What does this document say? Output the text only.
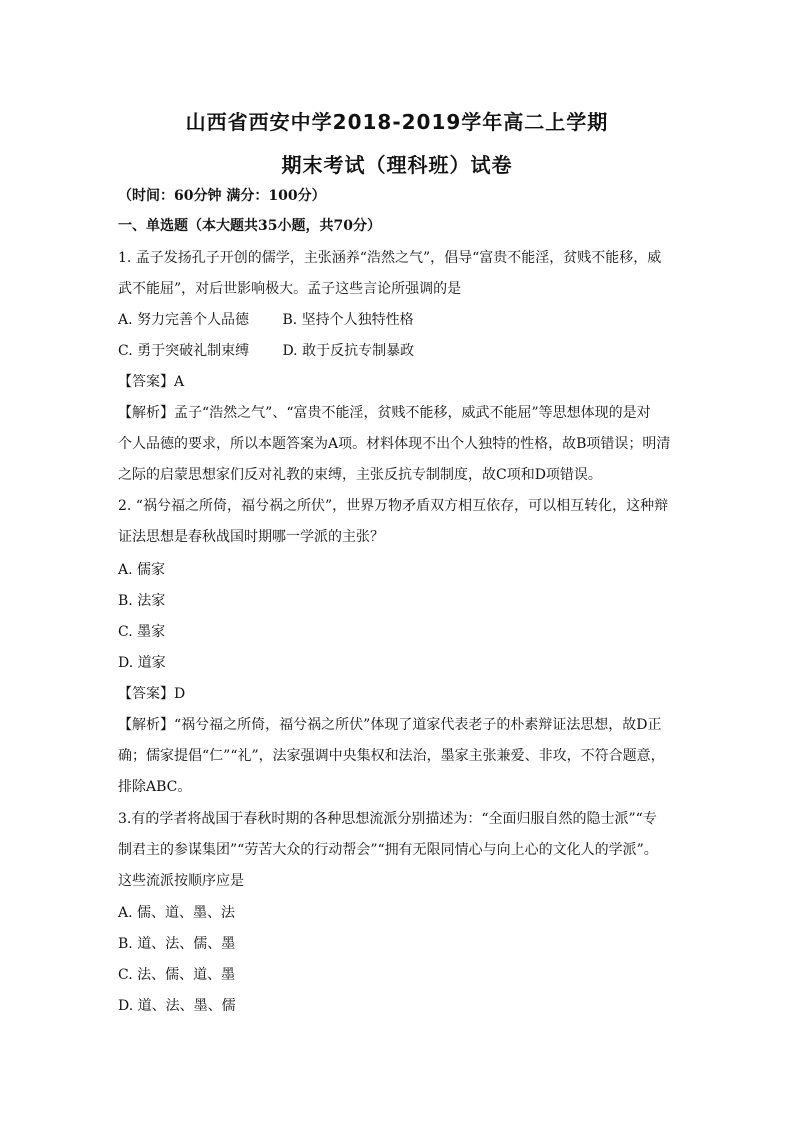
山西省西安中学2018-2019学年高二上学期
期末考试（理科班）试卷
（时间：60分钟 满分：100分）
一、单选题（本大题共35小题，共70分）
1. 孟子发扬孔子开创的儒学，主张涵养“浩然之气”，倡导“富贵不能淫，贫贱不能移，威
武不能屈”，对后世影响极大。孟子这些言论所强调的是
A. 努力完善个人品德 B. 坚持个人独特性格
C. 勇于突破礼制束缚 D. 敢于反抗专制暴政
【答案】A
【解析】孟子“浩然之气”、“富贵不能淫，贫贱不能移，威武不能屈”等思想体现的是对
个人品德的要求，所以本题答案为A项。材料体现不出个人独特的性格，故B项错误；明清
之际的启蒙思想家们反对礼教的束缚，主张反抗专制制度，故C项和D项错误。
2. “祸兮福之所倚，福兮祸之所伏”，世界万物矛盾双方相互依存，可以相互转化，这种辩
证法思想是春秋战国时期哪一学派的主张？
A. 儒家
B. 法家
C. 墨家
D. 道家
【答案】D
【解析】“祸兮福之所倚，福兮祸之所伏”体现了道家代表老子的朴素辩证法思想，故D正
确；儒家提倡“仁”“礼”，法家强调中央集权和法治，墨家主张兼爱、非攻，不符合题意，
排除ABC。
3.有的学者将战国于春秋时期的各种思想流派分别描述为：“全面归服自然的隐士派”“专
制君主的参谋集团”“劳苦大众的行动帮会”“拥有无限同情心与向上心的文化人的学派”。
这些流派按顺序应是
A. 儒、道、墨、法
B. 道、法、儒、墨
C. 法、儒、道、墨
D. 道、法、墨、儒
